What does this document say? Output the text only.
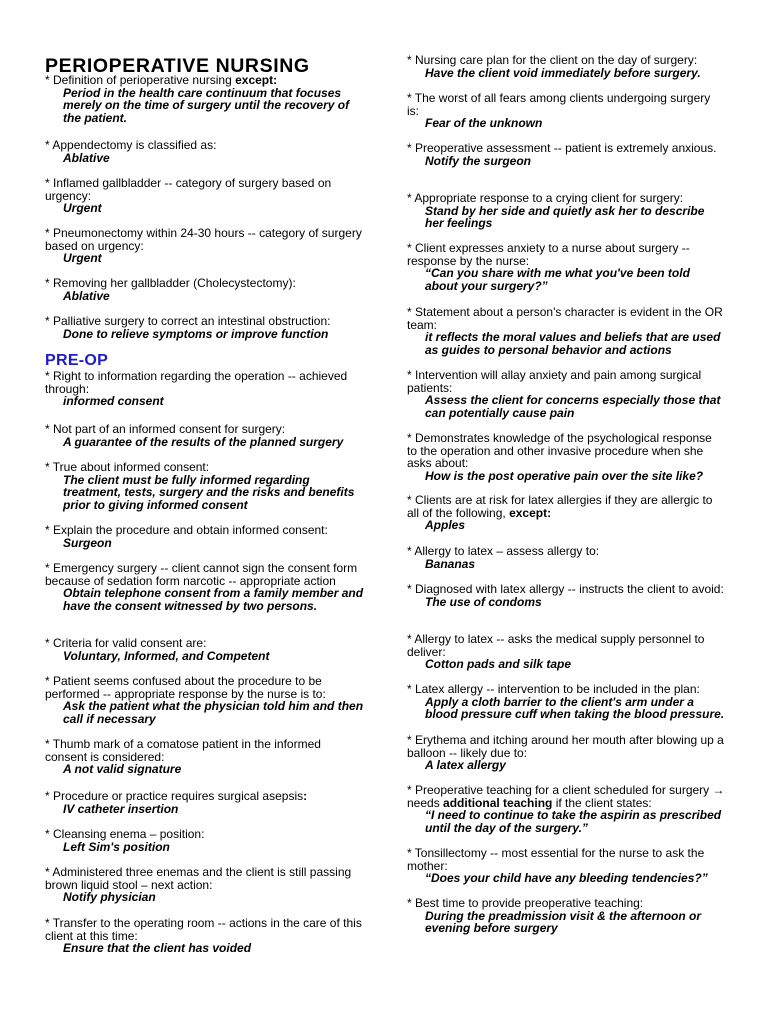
PERIOPERATIVE NURSING
* Definition of perioperative nursing except:
Period in the health care continuum that focuses merely on the time of surgery until the recovery of the patient.
* Appendectomy is classified as:
Ablative
* Inflamed gallbladder -- category of surgery based on urgency:
Urgent
* Pneumonectomy within 24-30 hours -- category of surgery based on urgency:
Urgent
* Removing her gallbladder (Cholecystectomy):
Ablative
* Palliative surgery to correct an intestinal obstruction:
Done to relieve symptoms or improve function
PRE-OP
* Right to information regarding the operation -- achieved through:
informed consent
* Not part of an informed consent for surgery:
A guarantee of the results of the planned surgery
* True about informed consent:
The client must be fully informed regarding treatment, tests, surgery and the risks and benefits prior to giving informed consent
* Explain the procedure and obtain informed consent:
Surgeon
* Emergency surgery -- client cannot sign the consent form because of sedation form narcotic -- appropriate action
Obtain telephone consent from a family member and have the consent witnessed by two persons.
* Criteria for valid consent are:
Voluntary, Informed, and Competent
* Patient seems confused about the procedure to be performed -- appropriate response by the nurse is to:
Ask the patient what the physician told him and then call if necessary
* Thumb mark of a comatose patient in the informed consent is considered:
A not valid signature
* Procedure or practice requires surgical asepsis:
IV catheter insertion
* Cleansing enema – position:
Left Sim's position
* Administered three enemas and the client is still passing brown liquid stool – next action:
Notify physician
* Transfer to the operating room -- actions in the care of this client at this time:
Ensure that the client has voided
* Nursing care plan for the client on the day of surgery:
Have the client void immediately before surgery.
* The worst of all fears among clients undergoing surgery is:
Fear of the unknown
* Preoperative assessment -- patient is extremely anxious.
Notify the surgeon
* Appropriate response to a crying client for surgery:
Stand by her side and quietly ask her to describe her feelings
* Client expresses anxiety to a nurse about surgery -- response by the nurse:
“Can you share with me what you've been told about your surgery?”
* Statement about a person's character is evident in the OR team:
it reflects the moral values and beliefs that are used as guides to personal behavior and actions
* Intervention will allay anxiety and pain among surgical patients:
Assess the client for concerns especially those that can potentially cause pain
* Demonstrates knowledge of the psychological response to the operation and other invasive procedure when she asks about:
How is the post operative pain over the site like?
* Clients are at risk for latex allergies if they are allergic to all of the following, except:
Apples
* Allergy to latex – assess allergy to:
Bananas
* Diagnosed with latex allergy -- instructs the client to avoid:
The use of condoms
* Allergy to latex -- asks the medical supply personnel to deliver:
Cotton pads and silk tape
* Latex allergy -- intervention to be included in the plan:
Apply a cloth barrier to the client's arm under a blood pressure cuff when taking the blood pressure.
* Erythema and itching around her mouth after blowing up a balloon -- likely due to:
A latex allergy
* Preoperative teaching for a client scheduled for surgery → needs additional teaching if the client states:
“I need to continue to take the aspirin as prescribed until the day of the surgery.”
* Tonsillectomy -- most essential for the nurse to ask the mother:
“Does your child have any bleeding tendencies?”
* Best time to provide preoperative teaching:
During the preadmission visit & the afternoon or evening before surgery
